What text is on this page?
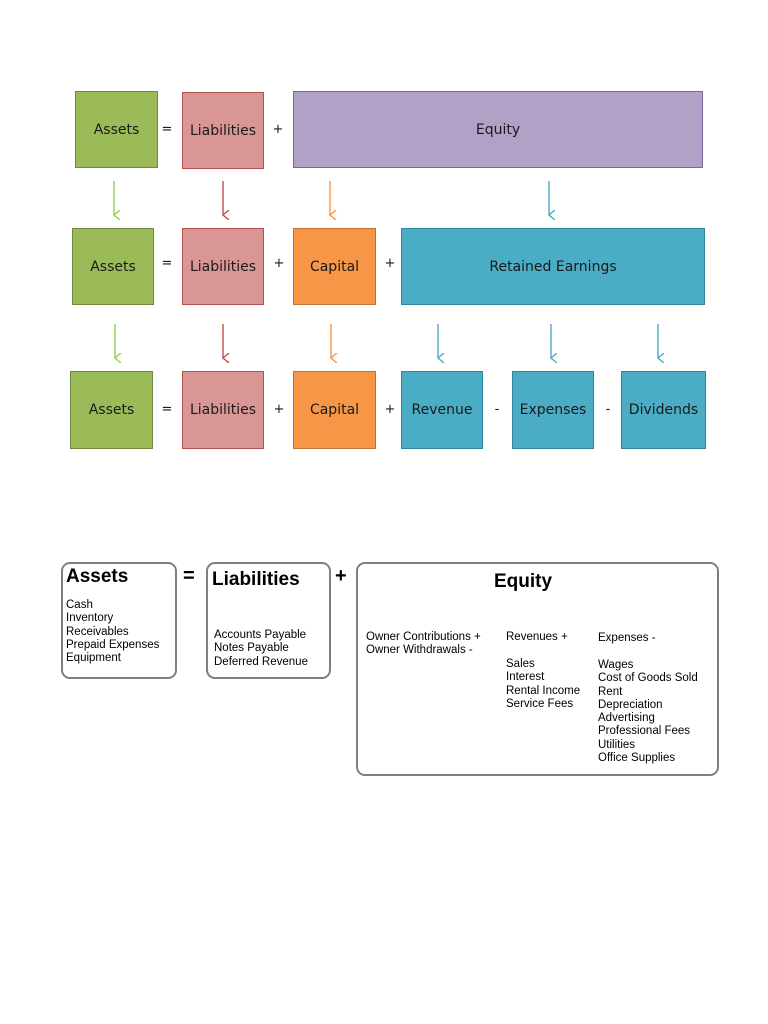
Assets = Liabilities +	Equity
Assets = Liabilities + Capital +	Retained Earnings
Assets = Liabilities + Capital + Revenue - Expenses - Dividends
Assets
Cash
Inventory
Receivables
Prepaid Expenses
Equipment
= Liabilities
Accounts Payable
Notes Payable
Deferred Revenue
+	Equity
Owner Contributions +
Owner Withdrawals -
Revenues +
Sales
Interest
Rental Income
Service Fees
Expenses -
Wages
Cost of Goods Sold
Rent
Depreciation
Advertising
Professional Fees
Utilities
Office Supplies
